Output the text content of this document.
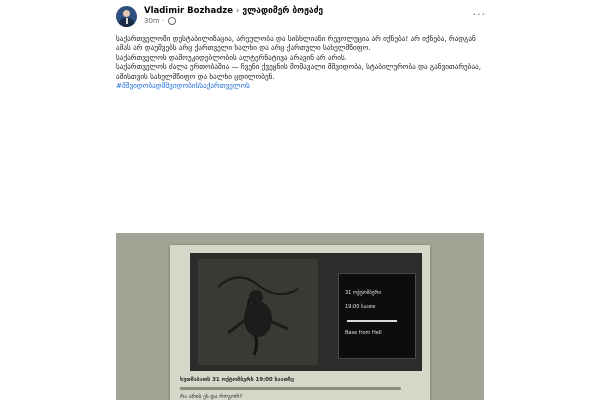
Vladimir Bozhadze › ვლადიმერ ბოჟაძე
30m ·	···

საქართველოში დესტაბილიზაცია, არეულობა და სისხლიანი რევოლუცია არ იქნება! არ იქნება, რადგან ამას არ დაუშვებს არც ქართველი ხალხი და არც ქართული სახელმწიფო.

საქართველოს დამოუკიდებლობის ალტერნატივა არავინ არ არის.

საქართველოს ძალა ერთობაშია — ჩვენი ქვეყნის მომავალი მშვიდობა, სტაბილურობა და განვითარებაა, ამისთვის სახელმწიფო და ხალხი ცდილობენ.

#მშვიდობადმშვიდობისსაქართველოს
31 ოქტომბერი
19:00 საათი
Base from Hell
ხუთშაბათს 31 ოქტომბერს 19:00 საათზე
რა არის ეს და როგორ?
